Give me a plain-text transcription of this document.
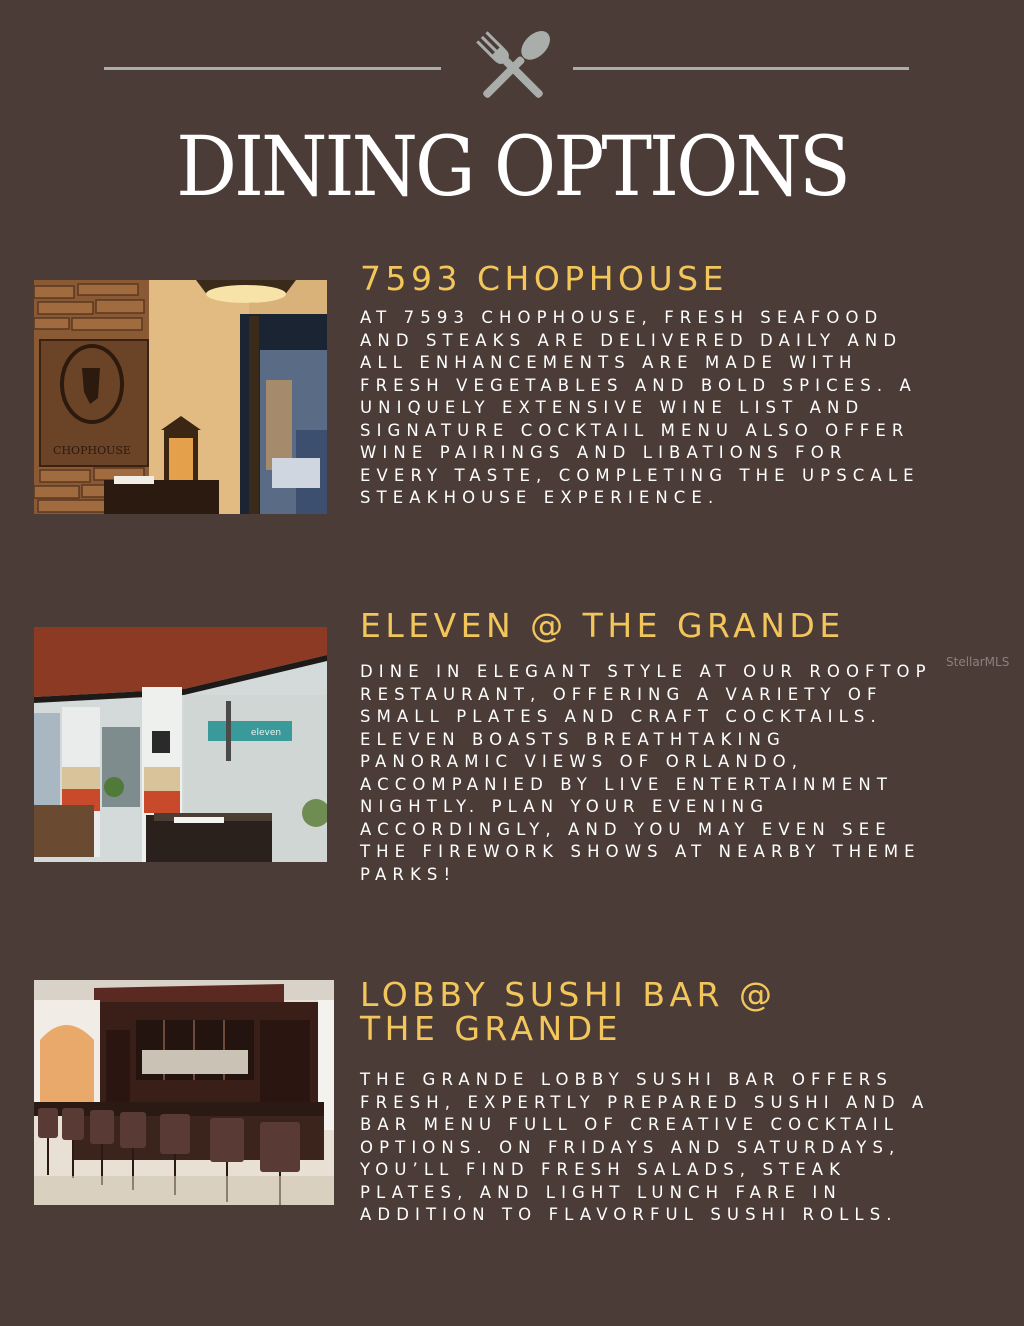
DINING OPTIONS
CHOPHOUSE
7593 CHOPHOUSE

AT 7593 CHOPHOUSE, FRESH SEAFOOD
AND STEAKS ARE DELIVERED DAILY AND
ALL ENHANCEMENTS ARE MADE WITH
FRESH VEGETABLES AND BOLD SPICES. A
UNIQUELY EXTENSIVE WINE LIST AND
SIGNATURE COCKTAIL MENU ALSO OFFER
WINE PAIRINGS AND LIBATIONS FOR
EVERY TASTE, COMPLETING THE UPSCALE
STEAKHOUSE EXPERIENCE.

eleven
ELEVEN @ THE GRANDE

DINE IN ELEGANT STYLE AT OUR ROOFTOP
RESTAURANT, OFFERING A VARIETY OF
SMALL PLATES AND CRAFT COCKTAILS.
ELEVEN BOASTS BREATHTAKING
PANORAMIC VIEWS OF ORLANDO,
ACCOMPANIED BY LIVE ENTERTAINMENT
NIGHTLY. PLAN YOUR EVENING
ACCORDINGLY, AND YOU MAY EVEN SEE
THE FIREWORK SHOWS AT NEARBY THEME
PARKS!

StellarMLS
LOBBY SUSHI BAR @
THE GRANDE

THE GRANDE LOBBY SUSHI BAR OFFERS
FRESH, EXPERTLY PREPARED SUSHI AND A
BAR MENU FULL OF CREATIVE COCKTAIL
OPTIONS. ON FRIDAYS AND SATURDAYS,
YOU’LL FIND FRESH SALADS, STEAK
PLATES, AND LIGHT LUNCH FARE IN
ADDITION TO FLAVORFUL SUSHI ROLLS.
